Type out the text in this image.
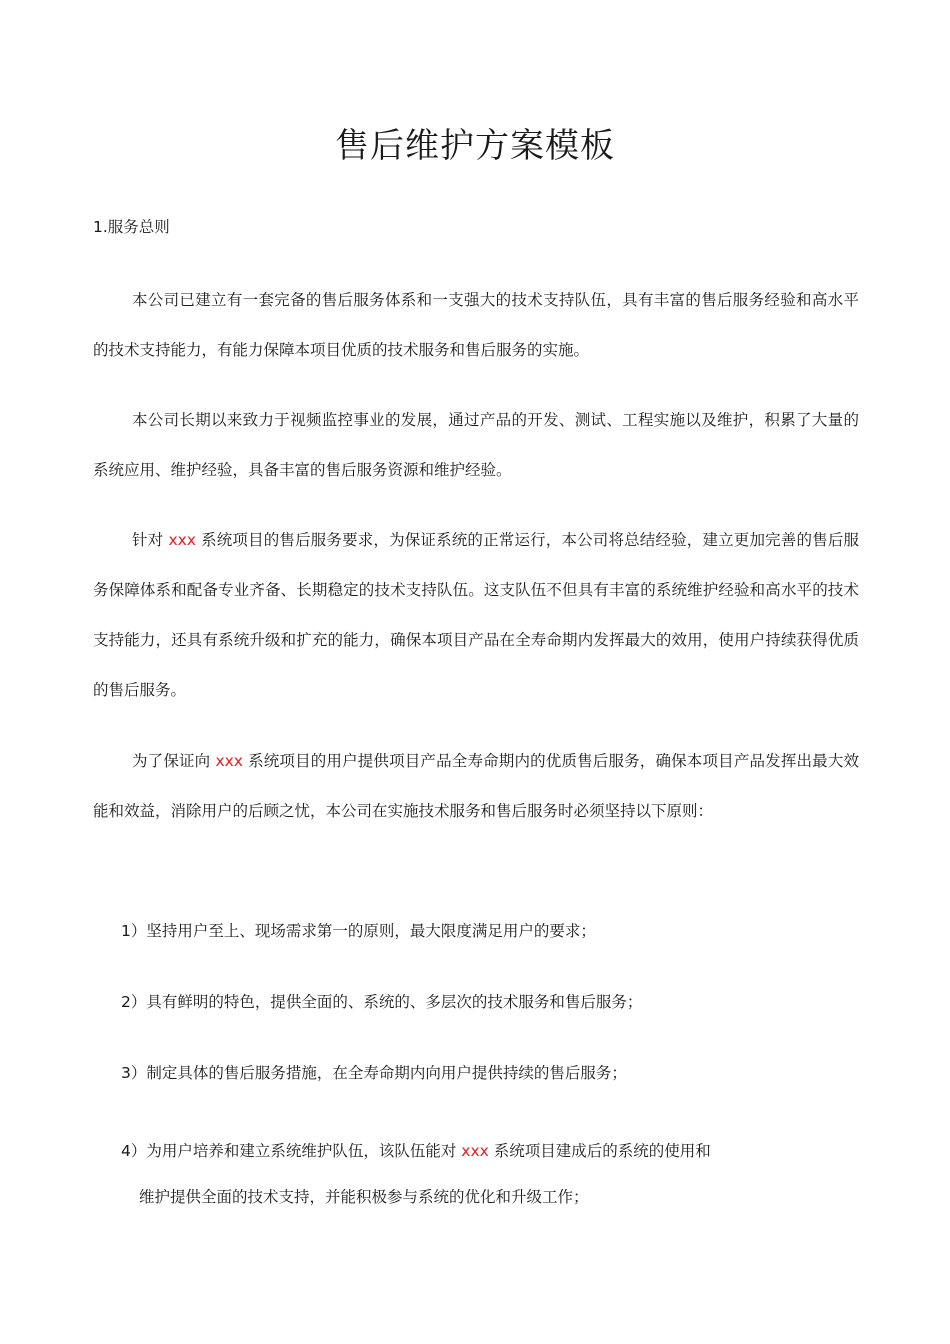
售后维护方案模板

1.服务总则

本公司已建立有一套完备的售后服务体系和一支强大的技术支持队伍，具有丰富的售后服务经验和高水平的技术支持能力，有能力保障本项目优质的技术服务和售后服务的实施。

本公司长期以来致力于视频监控事业的发展，通过产品的开发、测试、工程实施以及维护，积累了大量的系统应用、维护经验，具备丰富的售后服务资源和维护经验。

针对 xxx 系统项目的售后服务要求，为保证系统的正常运行，本公司将总结经验，建立更加完善的售后服务保障体系和配备专业齐备、长期稳定的技术支持队伍。这支队伍不但具有丰富的系统维护经验和高水平的技术支持能力，还具有系统升级和扩充的能力，确保本项目产品在全寿命期内发挥最大的效用，使用户持续获得优质的售后服务。

为了保证向 xxx 系统项目的用户提供项目产品全寿命期内的优质售后服务，确保本项目产品发挥出最大效能和效益，消除用户的后顾之忧，本公司在实施技术服务和售后服务时必须坚持以下原则：

1）坚持用户至上、现场需求第一的原则，最大限度满足用户的要求；

2）具有鲜明的特色，提供全面的、系统的、多层次的技术服务和售后服务；

3）制定具体的售后服务措施，在全寿命期内向用户提供持续的售后服务；

4）为用户培养和建立系统维护队伍，该队伍能对 xxx 系统项目建成后的系统的使用和
维护提供全面的技术支持，并能积极参与系统的优化和升级工作；
